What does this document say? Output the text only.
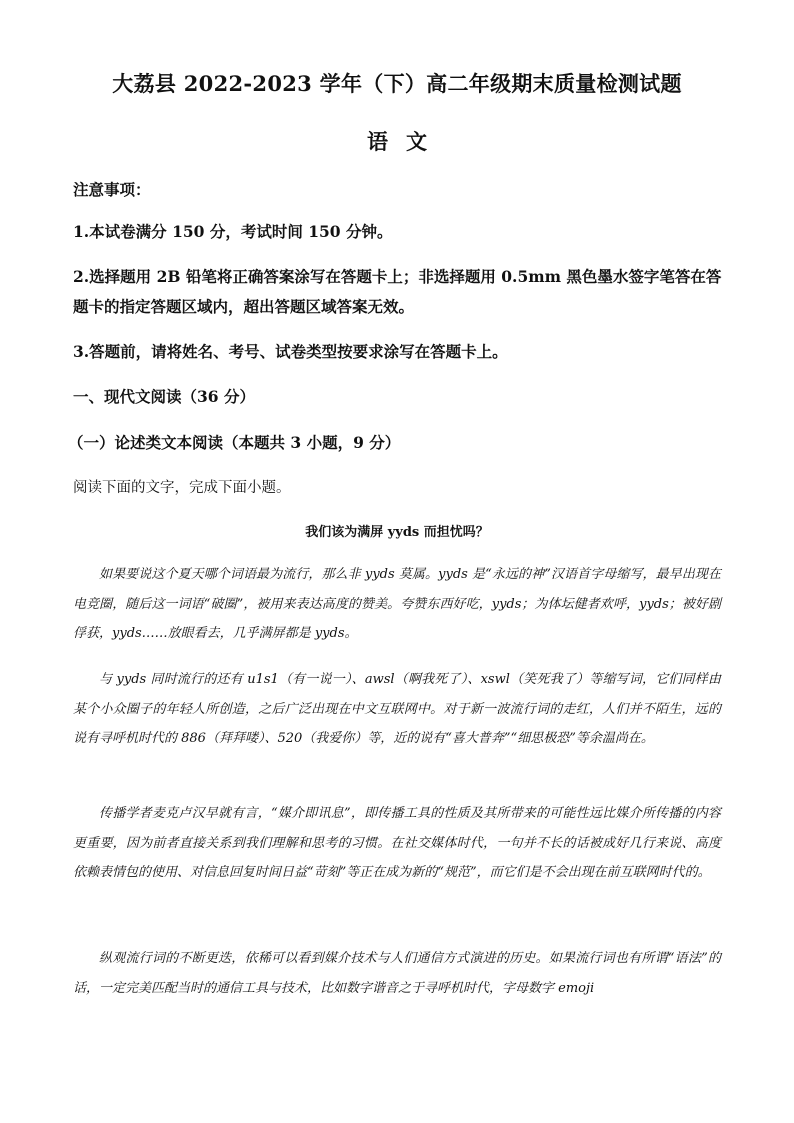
大荔县 2022-2023 学年（下）高二年级期末质量检测试题
语文
注意事项：
1.本试卷满分 150 分，考试时间 150 分钟。
2.选择题用 2B 铅笔将正确答案涂写在答题卡上；非选择题用 0.5mm 黑色墨水签字笔答在答题卡的指定答题区域内，超出答题区域答案无效。
3.答题前，请将姓名、考号、试卷类型按要求涂写在答题卡上。
一、现代文阅读（36 分）
（一）论述类文本阅读（本题共 3 小题，9 分）
阅读下面的文字，完成下面小题。
我们该为满屏 yyds 而担忧吗？
如果要说这个夏天哪个词语最为流行，那么非 yyds 莫属。yyds 是“永远的神”汉语首字母缩写，最早出现在电竞圈，随后这一词语“破圈”，被用来表达高度的赞美。夸赞东西好吃，yyds；为体坛健者欢呼，yyds；被好剧俘获，yyds……放眼看去，几乎满屏都是 yyds。
与 yyds 同时流行的还有 u1s1（有一说一）、awsl（啊我死了）、xswl（笑死我了）等缩写词，它们同样由某个小众圈子的年轻人所创造，之后广泛出现在中文互联网中。对于新一波流行词的走红，人们并不陌生，远的说有寻呼机时代的 886（拜拜喽）、520（我爱你）等，近的说有“喜大普奔”“细思极恐”等余温尚在。
传播学者麦克卢汉早就有言，“媒介即讯息”，即传播工具的性质及其所带来的可能性远比媒介所传播的内容更重要，因为前者直接关系到我们理解和思考的习惯。在社交媒体时代，一句并不长的话被成好几行来说、高度依赖表情包的使用、对信息回复时间日益“苛刻”等正在成为新的“规范”，而它们是不会出现在前互联网时代的。
纵观流行词的不断更迭，依稀可以看到媒介技术与人们通信方式演进的历史。如果流行词也有所谓“语法”的话，一定完美匹配当时的通信工具与技术，比如数字谐音之于寻呼机时代，字母数字 emoji
